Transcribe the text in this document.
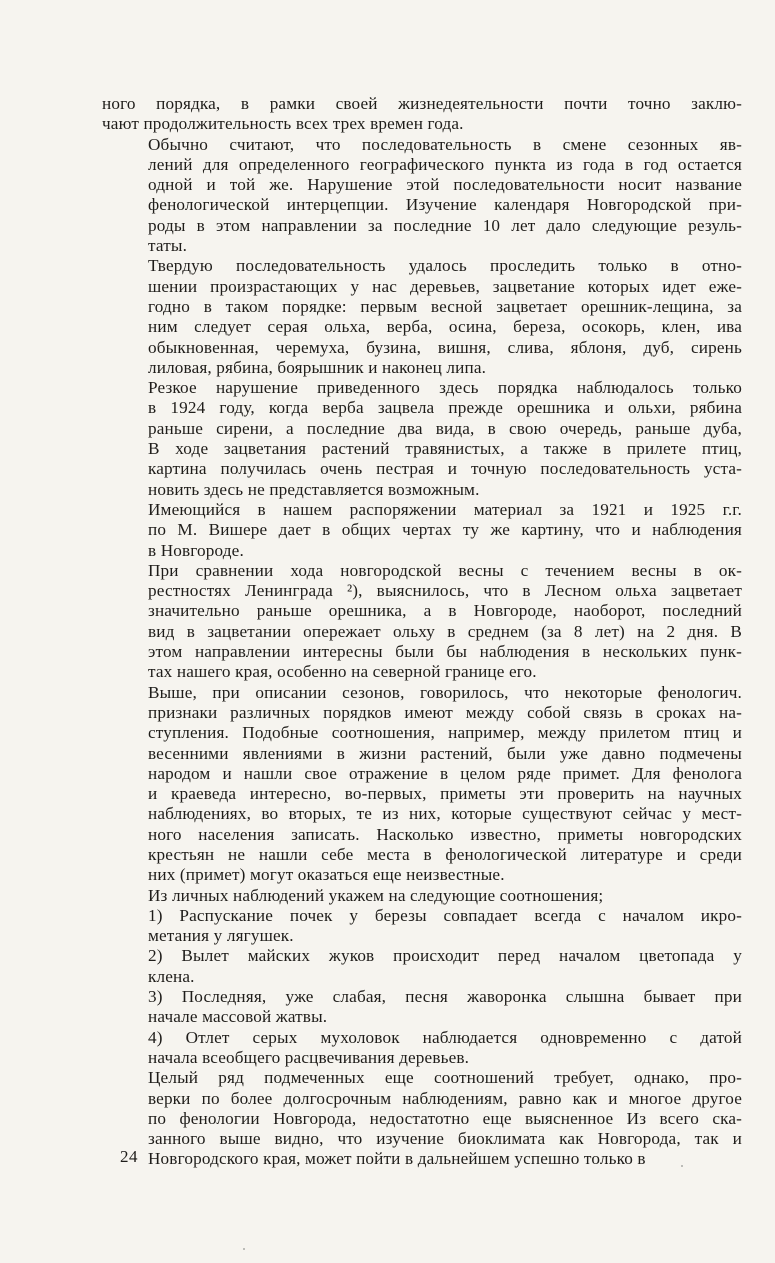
ного порядка, в рамки своей жизнедеятельности почти точно заклю-
чают продолжительность всех трех времен года.

Обычно считают, что последовательность в смене сезонных яв-
лений для определенного географического пункта из года в год остается
одной и той же. Нарушение этой последовательности носит название
фенологической интерцепции. Изучение календаря Новгородской при-
роды в этом направлении за последние 10 лет дало следующие резуль-
таты.

Твердую последовательность удалось проследить только в отно-
шении произрастающих у нас деревьев, зацветание которых идет еже-
годно в таком порядке: первым весной зацветает орешник-лещина, за
ним следует серая ольха, верба, осина, береза, осокорь, клен, ива
обыкновенная, черемуха, бузина, вишня, слива, яблоня, дуб, сирень
лиловая, рябина, боярышник и наконец липа.

Резкое нарушение приведенного здесь порядка наблюдалось только
в 1924 году, когда верба зацвела прежде орешника и ольхи, рябина
раньше сирени, а последние два вида, в свою очередь, раньше дуба,
В ходе зацветания растений травянистых, а также в прилете птиц,
картина получилась очень пестрая и точную последовательность уста-
новить здесь не представляется возможным.

Имеющийся в нашем распоряжении материал за 1921 и 1925 г.г.
по М. Вишере дает в общих чертах ту же картину, что и наблюдения
в Новгороде.

При сравнении хода новгородской весны с течением весны в ок-
рестностях Ленинграда ²), выяснилось, что в Лесном ольха зацветает
значительно раньше орешника, а в Новгороде, наоборот, последний
вид в зацветании опережает ольху в среднем (за 8 лет) на 2 дня. В
этом направлении интересны были бы наблюдения в нескольких пунк-
тах нашего края, особенно на северной границе его.

Выше, при описании сезонов, говорилось, что некоторые фенологич.
признаки различных порядков имеют между собой связь в сроках на-
ступления. Подобные соотношения, например, между прилетом птиц и
весенними явлениями в жизни растений, были уже давно подмечены
народом и нашли свое отражение в целом ряде примет. Для фенолога
и краеведа интересно, во-первых, приметы эти проверить на научных
наблюдениях, во вторых, те из них, которые существуют сейчас у мест-
ного населения записать. Насколько известно, приметы новгородских
крестьян не нашли себе места в фенологической литературе и среди
них (примет) могут оказаться еще неизвестные.

Из личных наблюдений укажем на следующие соотношения;

1) Распускание почек у березы совпадает всегда с началом икро-
метания у лягушек.

2) Вылет майских жуков происходит перед началом цветопада у
клена.

3) Последняя, уже слабая, песня жаворонка слышна бывает при
начале массовой жатвы.

4) Отлет серых мухоловок наблюдается одновременно с датой
начала всеобщего расцвечивания деревьев.

Целый ряд подмеченных еще соотношений требует, однако, про-
верки по более долгосрочным наблюдениям, равно как и многое другое
по фенологии Новгорода, недостатотно еще выясненное Из всего ска-
занного выше видно, что изучение биоклимата как Новгорода, так и
Новгородского края, может пойти в дальнейшем успешно только в

24
